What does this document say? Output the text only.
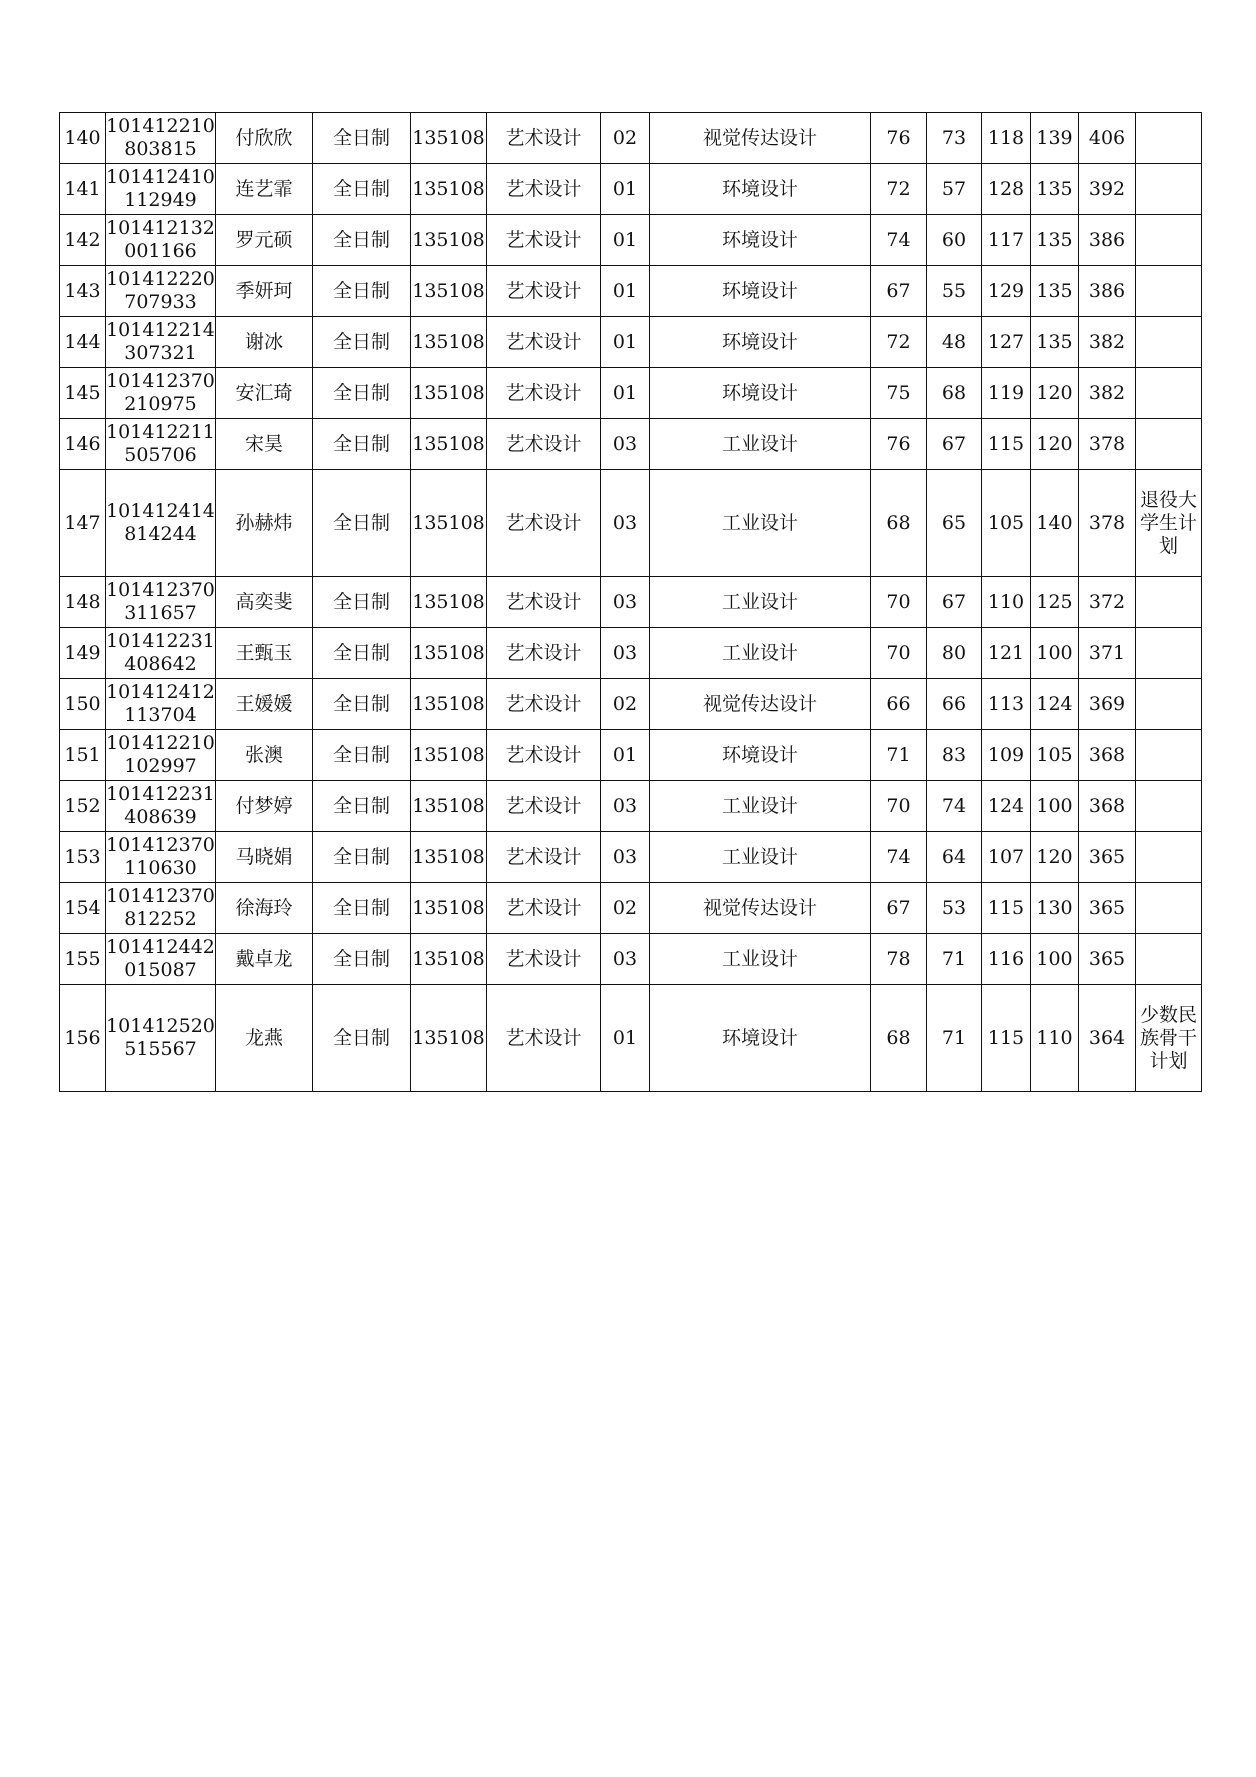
140	101412210803815	付欣欣	全日制	135108	艺术设计	02	视觉传达设计	76	73	118	139	406	
141	101412410112949	连艺霏	全日制	135108	艺术设计	01	环境设计	72	57	128	135	392	
142	101412132001166	罗元硕	全日制	135108	艺术设计	01	环境设计	74	60	117	135	386	
143	101412220707933	季妍珂	全日制	135108	艺术设计	01	环境设计	67	55	129	135	386	
144	101412214307321	谢冰	全日制	135108	艺术设计	01	环境设计	72	48	127	135	382	
145	101412370210975	安汇琦	全日制	135108	艺术设计	01	环境设计	75	68	119	120	382	
146	101412211505706	宋昊	全日制	135108	艺术设计	03	工业设计	76	67	115	120	378	
147	101412414814244	孙赫炜	全日制	135108	艺术设计	03	工业设计	68	65	105	140	378	退役大学生计划
148	101412370311657	高奕斐	全日制	135108	艺术设计	03	工业设计	70	67	110	125	372	
149	101412231408642	王甄玉	全日制	135108	艺术设计	03	工业设计	70	80	121	100	371	
150	101412412113704	王媛媛	全日制	135108	艺术设计	02	视觉传达设计	66	66	113	124	369	
151	101412210102997	张澳	全日制	135108	艺术设计	01	环境设计	71	83	109	105	368	
152	101412231408639	付梦婷	全日制	135108	艺术设计	03	工业设计	70	74	124	100	368	
153	101412370110630	马晓娟	全日制	135108	艺术设计	03	工业设计	74	64	107	120	365	
154	101412370812252	徐海玲	全日制	135108	艺术设计	02	视觉传达设计	67	53	115	130	365	
155	101412442015087	戴卓龙	全日制	135108	艺术设计	03	工业设计	78	71	116	100	365	
156	101412520515567	龙燕	全日制	135108	艺术设计	01	环境设计	68	71	115	110	364	少数民族骨干计划
